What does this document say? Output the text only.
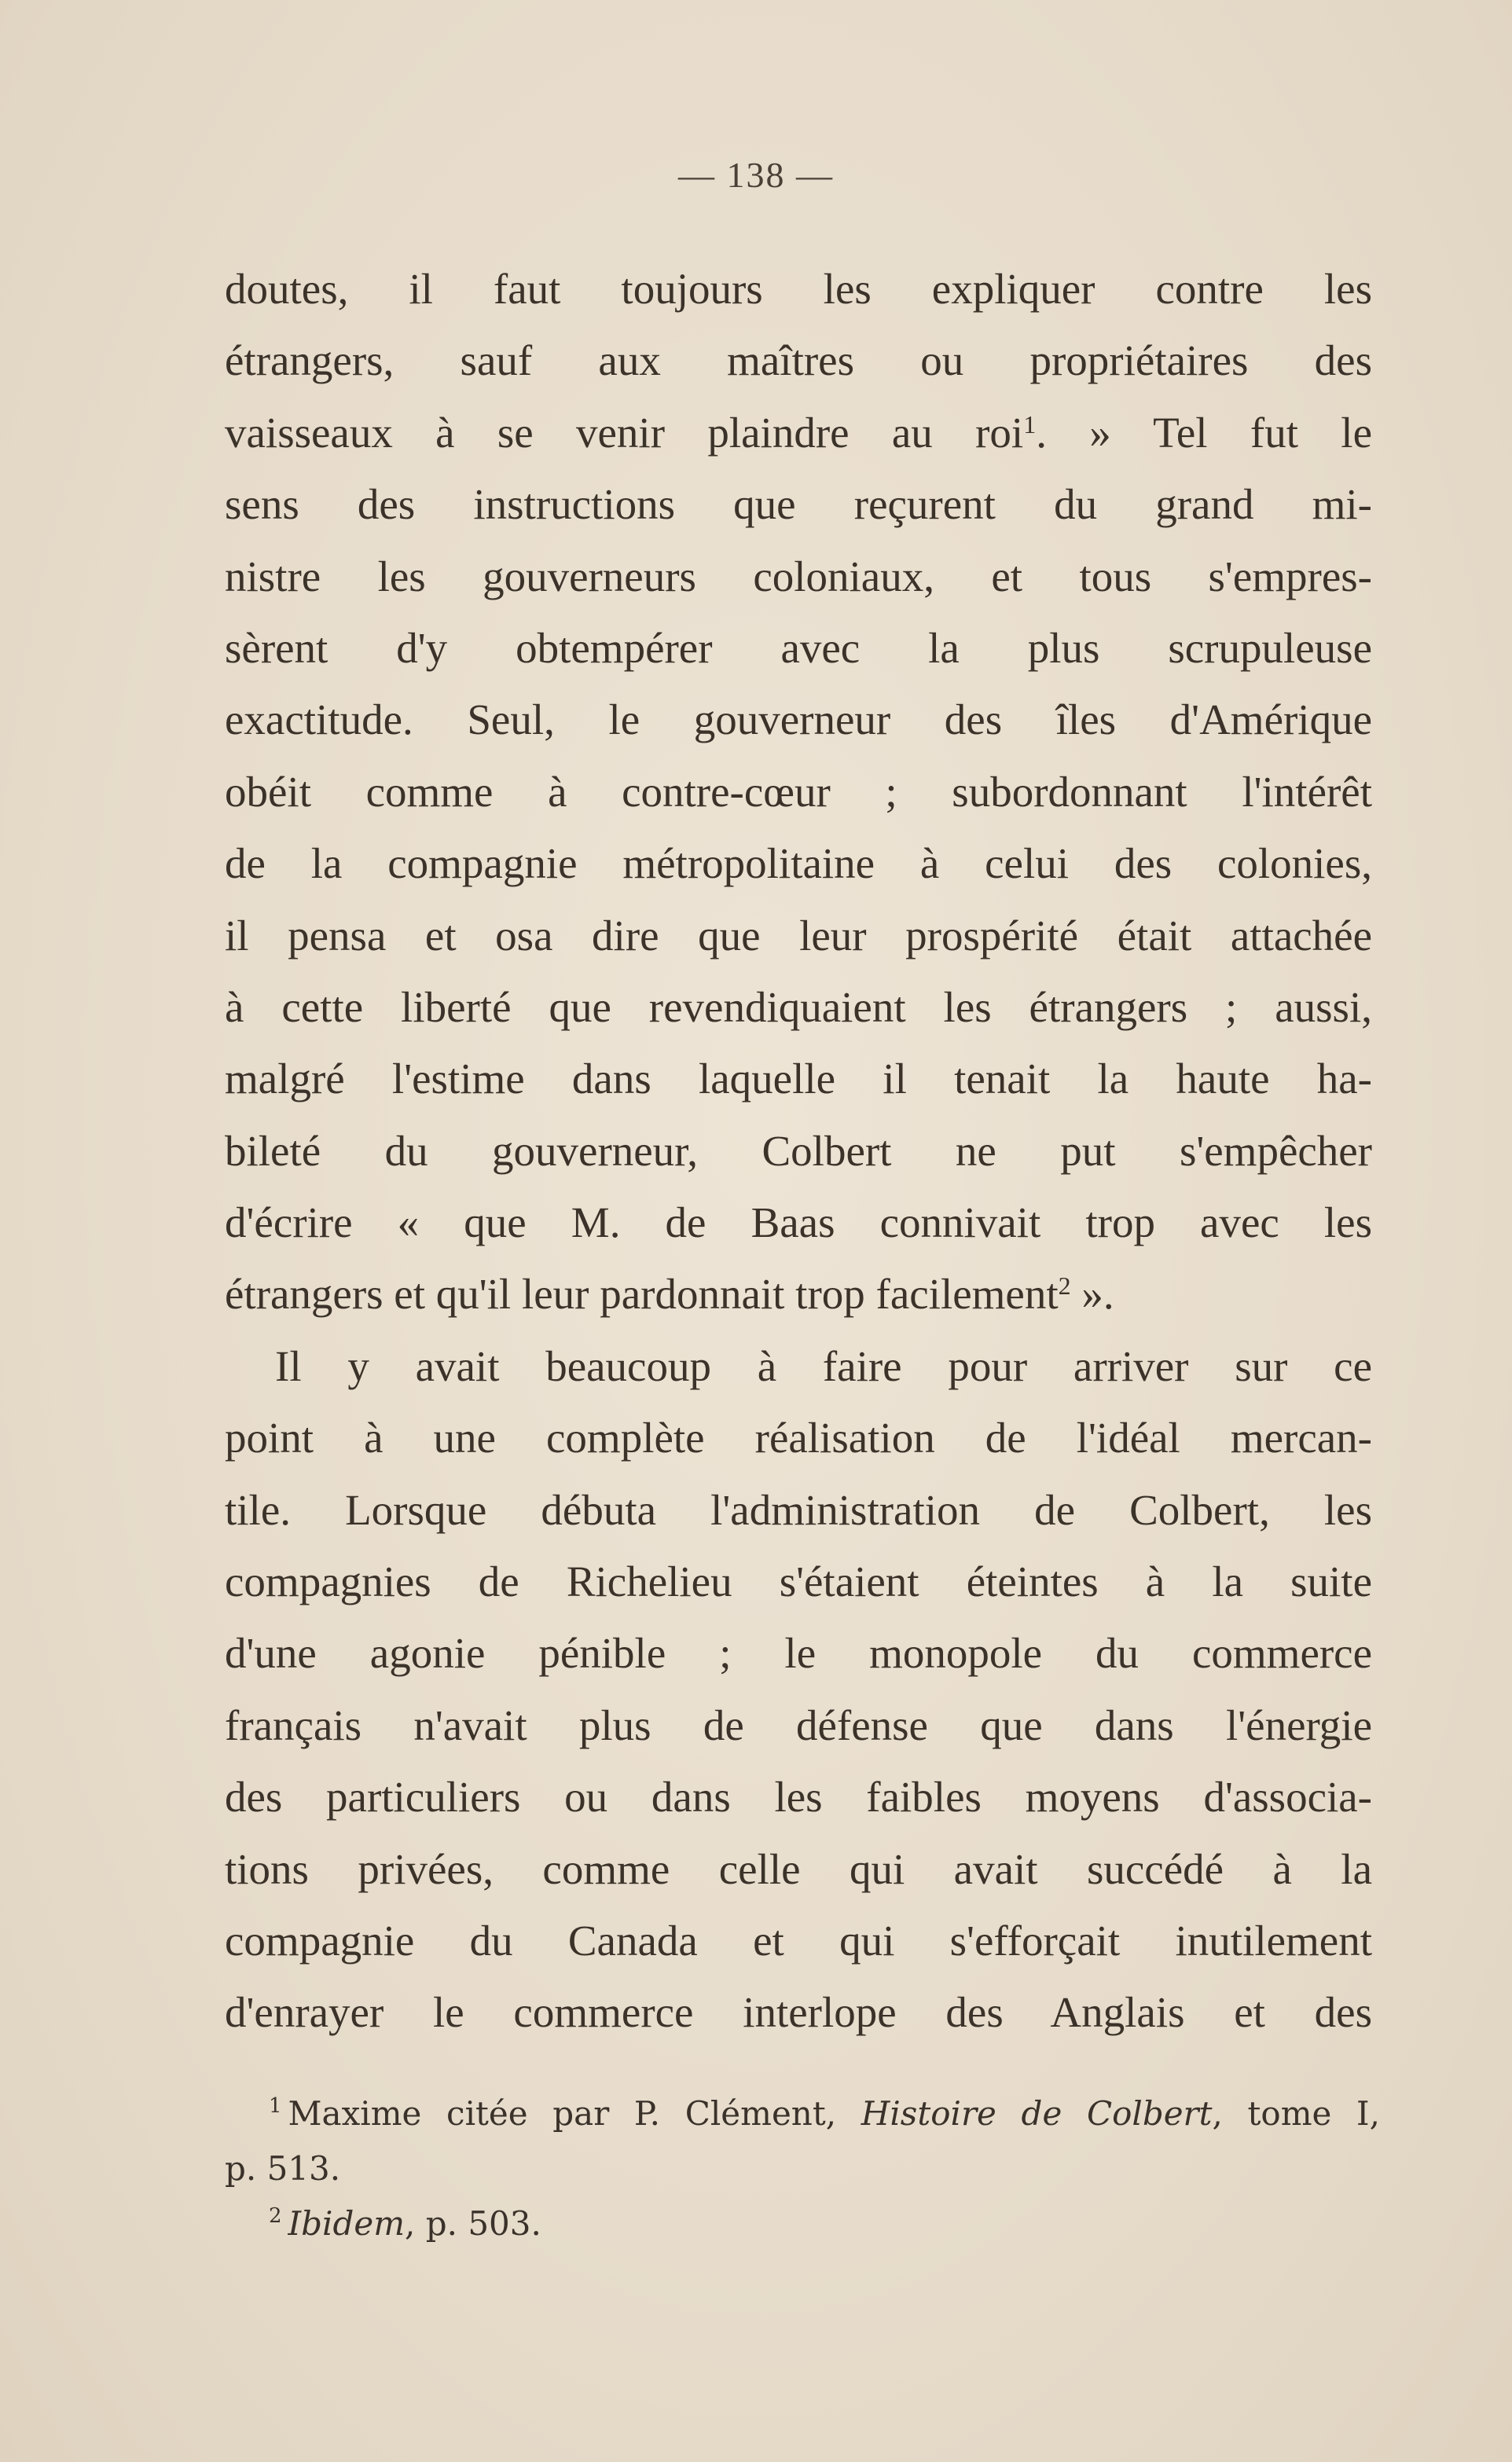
— 138 —
doutes, il faut toujours les expliquer contre les
étrangers, sauf aux maîtres ou propriétaires des
vaisseaux à se venir plaindre au roi$^1$. » Tel fut le
sens des instructions que reçurent du grand mi-
nistre les gouverneurs coloniaux, et tous s'empres-
sèrent d'y obtempérer avec la plus scrupuleuse
exactitude. Seul, le gouverneur des îles d'Amérique
obéit comme à contre-cœur ; subordonnant l'intérêt
de la compagnie métropolitaine à celui des colonies,
il pensa et osa dire que leur prospérité était attachée
à cette liberté que revendiquaient les étrangers ; aussi,
malgré l'estime dans laquelle il tenait la haute ha-
bileté du gouverneur, Colbert ne put s'empêcher
d'écrire « que M. de Baas connivait trop avec les
étrangers et qu'il leur pardonnait trop facilement$^2$ ».
Il y avait beaucoup à faire pour arriver sur ce
point à une complète réalisation de l'idéal mercan-
tile. Lorsque débuta l'administration de Colbert, les
compagnies de Richelieu s'étaient éteintes à la suite
d'une agonie pénible ; le monopole du commerce
français n'avait plus de défense que dans l'énergie
des particuliers ou dans les faibles moyens d'associa-
tions privées, comme celle qui avait succédé à la
compagnie du Canada et qui s'efforçait inutilement
d'enrayer le commerce interlope des Anglais et des
$^1$ Maxime citée par P. Clément, Histoire de Colbert, tome I,
p. 513.
$^2$ Ibidem, p. 503.
